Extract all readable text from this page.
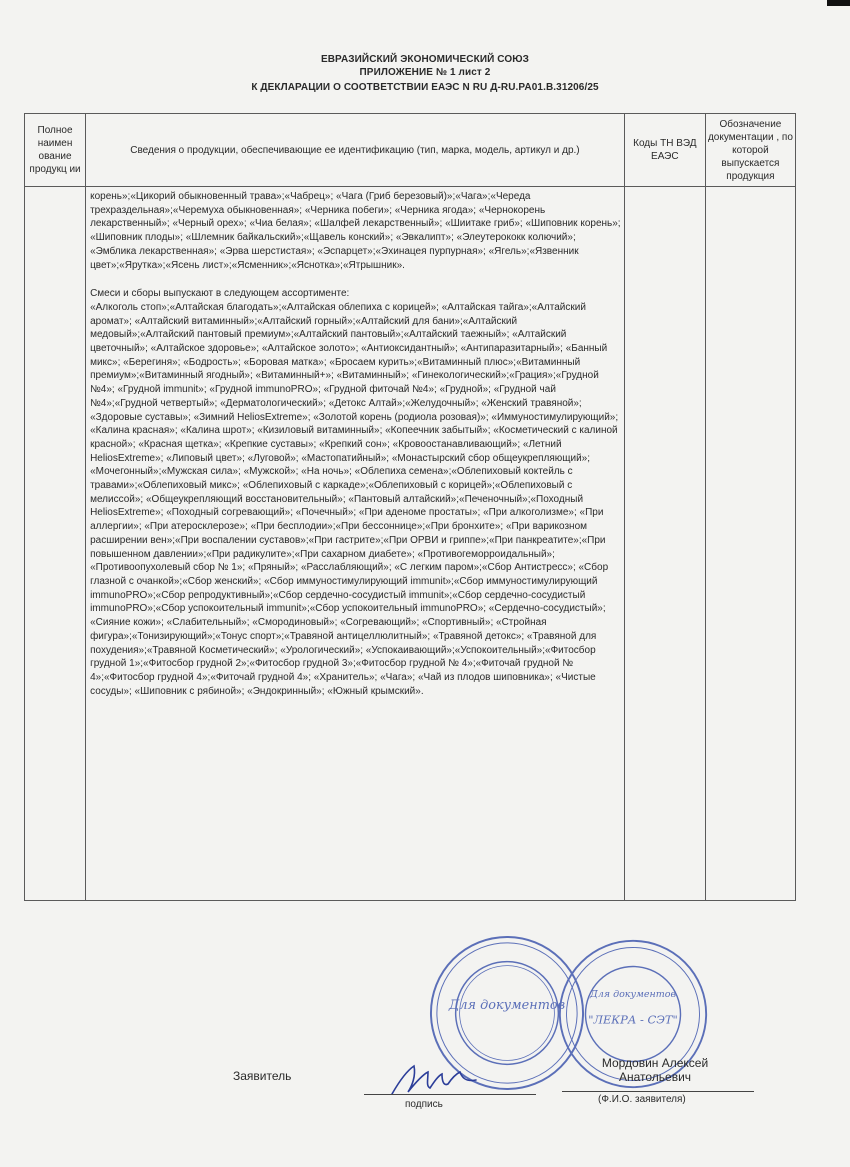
ЕВРАЗИЙСКИЙ ЭКОНОМИЧЕСКИЙ СОЮЗ
ПРИЛОЖЕНИЕ № 1 лист 2
К ДЕКЛАРАЦИИ О СООТВЕТСТВИИ ЕАЭС N RU Д-RU.PA01.B.31206/25
Полное наимен ование продукц ии	Сведения о продукции, обеспечивающие ее идентификацию (тип, марка, модель, артикул и др.)	Коды ТН ВЭД ЕАЭС	Обозначение документации , по которой выпускается продукция

	корень»;«Цикорий обыкновенный трава»;«Чабрец»; «Чага (Гриб березовый)»;«Чага»;«Череда трехраздельная»;«Черемуха обыкновенная»; «Черника побеги»; «Черника ягода»; «Чернокорень лекарственный»; «Черный орех»; «Чиа белая»; «Шалфей лекарственный»; «Шиитаке гриб»; «Шиповник корень»; «Шиповник плоды»; «Шлемник байкальский»;«Щавель конский»; «Эвкалипт»; «Элеутерококк колючий»; «Эмблика лекарственная»; «Эрва шерстистая»; «Эспарцет»;«Эхинацея пурпурная»; «Ягель»;«Язвенник цвет»;«Ярутка»;«Ясень лист»;«Ясменник»;«Яснотка»;«Ятрышник».

Смеси и сборы выпускают в следующем ассортименте:

«Алкоголь стоп»;«Алтайская благодать»;«Алтайская облепиха с корицей»; «Алтайская тайга»;«Алтайский аромат»; «Алтайский витаминный»;«Алтайский горный»;«Алтайский для бани»;«Алтайский медовый»;«Алтайский пантовый премиум»;«Алтайский пантовый»;«Алтайский таежный»; «Алтайский цветочный»; «Алтайское здоровье»; «Алтайское золото»; «Антиоксидантный»; «Антипаразитарный»; «Банный микс»; «Берегиня»; «Бодрость»; «Боровая матка»; «Бросаем курить»;«Витаминный плюс»;«Витаминный премиум»;«Витаминный ягодный»; «Витаминный+»; «Витаминный»; «Гинекологический»;«Грация»;«Грудной №4»; «Грудной immunit»; «Грудной immunoPRO»; «Грудной фиточай №4»; «Грудной»; «Грудной чай №4»;«Грудной четвертый»; «Дерматологический»; «Детокс Алтай»;«Желудочный»; «Женский травяной»; «Здоровые суставы»; «Зимний HeliosExtreme»; «Золотой корень (родиола розовая)»; «Иммуностимулирующий»; «Калина красная»; «Калина шрот»; «Кизиловый витаминный»; «Копеечник забытый»; «Косметический с калиной красной»; «Красная щетка»; «Крепкие суставы»; «Крепкий сон»; «Кровоостанавливающий»; «Летний HeliosExtreme»; «Липовый цвет»; «Луговой»; «Мастопатийный»; «Монастырский сбор общеукрепляющий»; «Мочегонный»;«Мужская сила»; «Мужской»; «На ночь»; «Облепиха семена»;«Облепиховый коктейль с травами»;«Облепиховый микс»; «Облепиховый с каркаде»;«Облепиховый с корицей»;«Облепиховый с мелиссой»; «Общеукрепляющий восстановительный»; «Пантовый алтайский»;«Печеночный»;«Походный HeliosExtreme»; «Походный согревающий»; «Почечный»; «При аденоме простаты»; «При алкоголизме»; «При аллергии»; «При атеросклерозе»; «При бесплодии»;«При бессоннице»;«При бронхите»; «При варикозном расширении вен»;«При воспалении суставов»;«При гастрите»;«При ОРВИ и гриппе»;«При панкреатите»;«При повышенном давлении»;«При радикулите»;«При сахарном диабете»; «Противогеморроидальный»; «Противоопухолевый сбор № 1»; «Пряный»; «Расслабляющий»; «С легким паром»;«Сбор Антистресс»; «Сбор глазной с очанкой»;«Сбор женский»; «Сбор иммуностимулирующий immunit»;«Сбор иммуностимулирующий immunoPRO»;«Сбор репродуктивный»;«Сбор сердечно-сосудистый immunit»;«Сбор сердечно-сосудистый immunoPRO»;«Сбор успокоительный immunit»;«Сбор успокоительный immunoPRO»; «Сердечно-сосудистый»; «Сияние кожи»; «Слабительный»; «Смородиновый»; «Согревающий»; «Спортивный»; «Стройная фигура»;«Тонизирующий»;«Тонус спорт»;«Травяной антицеллюлитный»; «Травяной детокс»; «Травяной для похудения»;«Травяной Косметический»; «Урологический»; «Успокаивающий»;«Успокоительный»;«Фитосбор грудной 1»;«Фитосбор грудной 2»;«Фитосбор грудной 3»;«Фитосбор грудной № 4»;«Фиточай грудной № 4»;«Фитосбор грудной 4»;«Фиточай грудной 4»; «Хранитель»; «Чага»; «Чай из плодов шиповника»; «Чистые сосуды»; «Шиповник с рябиной»; «Эндокринный»; «Южный крымский».		

Для документов
Для документов
"ЛЕКРА - СЭТ"
Заявитель
подпись
Мордовин Алексей
Анатольевич
(Ф.И.О. заявителя)
